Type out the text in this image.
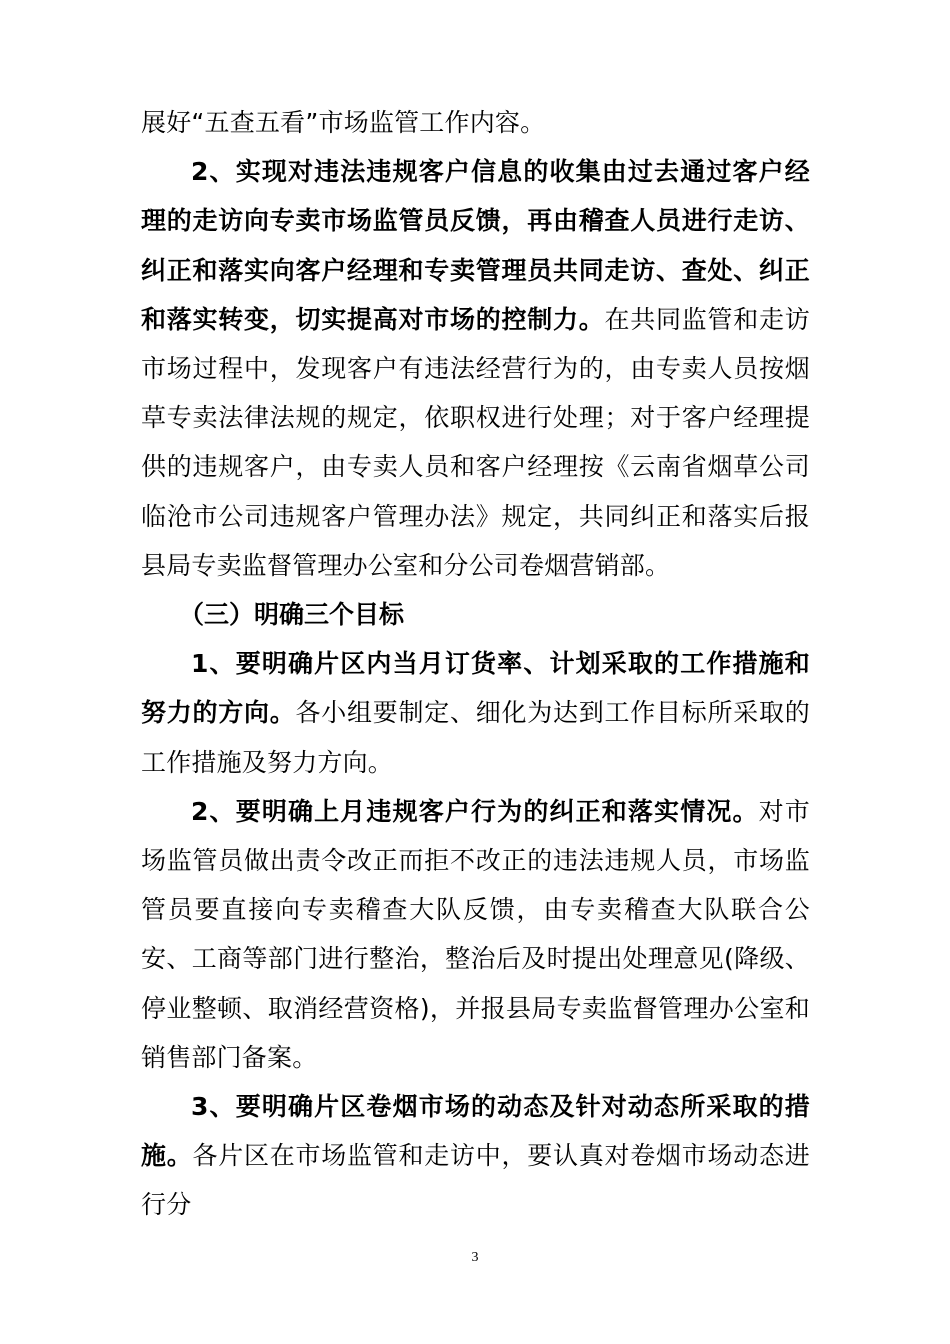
展好“五查五看”市场监管工作内容。

2、实现对违法违规客户信息的收集由过去通过客户经理的走访向专卖市场监管员反馈，再由稽查人员进行走访、纠正和落实向客户经理和专卖管理员共同走访、查处、纠正和落实转变，切实提高对市场的控制力。在共同监管和走访市场过程中，发现客户有违法经营行为的，由专卖人员按烟草专卖法律法规的规定，依职权进行处理；对于客户经理提供的违规客户，由专卖人员和客户经理按《云南省烟草公司临沧市公司违规客户管理办法》规定，共同纠正和落实后报县局专卖监督管理办公室和分公司卷烟营销部。

（三）明确三个目标

1、要明确片区内当月订货率、计划采取的工作措施和努力的方向。各小组要制定、细化为达到工作目标所采取的工作措施及努力方向。

2、要明确上月违规客户行为的纠正和落实情况。对市场监管员做出责令改正而拒不改正的违法违规人员，市场监管员要直接向专卖稽查大队反馈，由专卖稽查大队联合公安、工商等部门进行整治，整治后及时提出处理意见(降级、停业整顿、取消经营资格)，并报县局专卖监督管理办公室和销售部门备案。

3、要明确片区卷烟市场的动态及针对动态所采取的措施。各片区在市场监管和走访中，要认真对卷烟市场动态进行分

3
